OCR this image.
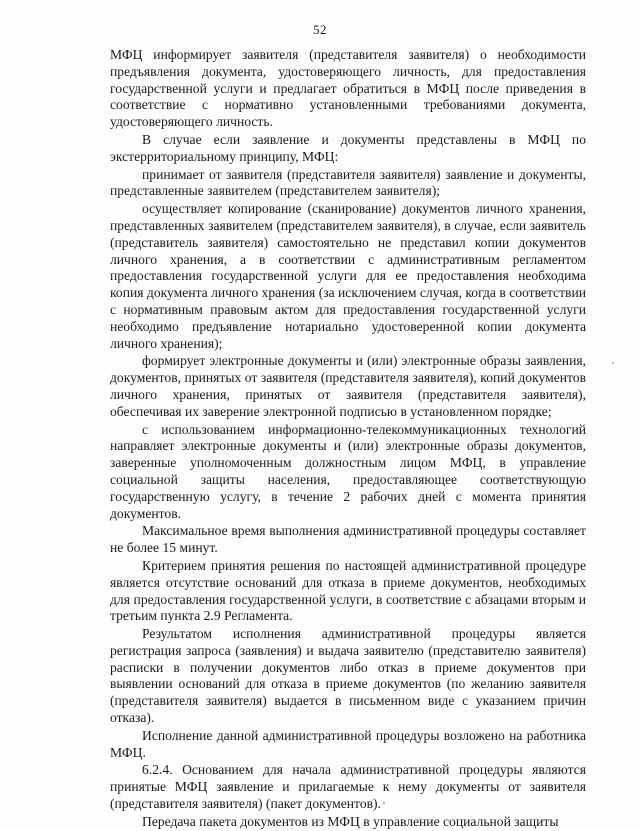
52

МФЦ информирует заявителя (представителя заявителя) о необходимости предъявления документа, удостоверяющего личность, для предоставления государственной услуги и предлагает обратиться в МФЦ после приведения в соответствие с нормативно установленными требованиями документа, удостоверяющего личность.

В случае если заявление и документы представлены в МФЦ по экстерриториальному принципу, МФЦ:

принимает от заявителя (представителя заявителя) заявление и документы, представленные заявителем (представителем заявителя);

осуществляет копирование (сканирование) документов личного хранения, представленных заявителем (представителем заявителя), в случае, если заявитель (представитель заявителя) самостоятельно не представил копии документов личного хранения, а в соответствии с административным регламентом предоставления государственной услуги для ее предоставления необходима копия документа личного хранения (за исключением случая, когда в соответствии с нормативным правовым актом для предоставления государственной услуги необходимо предъявление нотариально удостоверенной копии документа личного хранения);

формирует электронные документы и (или) электронные образы заявления, документов, принятых от заявителя (представителя заявителя), копий документов личного хранения, принятых от заявителя (представителя заявителя), обеспечивая их заверение электронной подписью в установленном порядке;

с использованием информационно-телекоммуникационных технологий направляет электронные документы и (или) электронные образы документов, заверенные уполномоченным должностным лицом МФЦ, в управление социальной защиты населения, предоставляющее соответствующую государственную услугу, в течение 2 рабочих дней с момента принятия документов.

Максимальное время выполнения административной процедуры составляет не более 15 минут.

Критерием принятия решения по настоящей административной процедуре является отсутствие оснований для отказа в приеме документов, необходимых для предоставления государственной услуги, в соответствие с абзацами вторым и третьим пункта 2.9 Регламента.

Результатом исполнения административной процедуры является регистрация запроса (заявления) и выдача заявителю (представителю заявителя) расписки в получении документов либо отказ в приеме документов при выявлении оснований для отказа в приеме документов (по желанию заявителя (представителя заявителя) выдается в письменном виде с указанием причин отказа).

Исполнение данной административной процедуры возложено на работника МФЦ.

6.2.4. Основанием для начала административной процедуры являются принятые МФЦ заявление и прилагаемые к нему документы от заявителя (представителя заявителя) (пакет документов).

Передача пакета документов из МФЦ в управление социальной защиты
